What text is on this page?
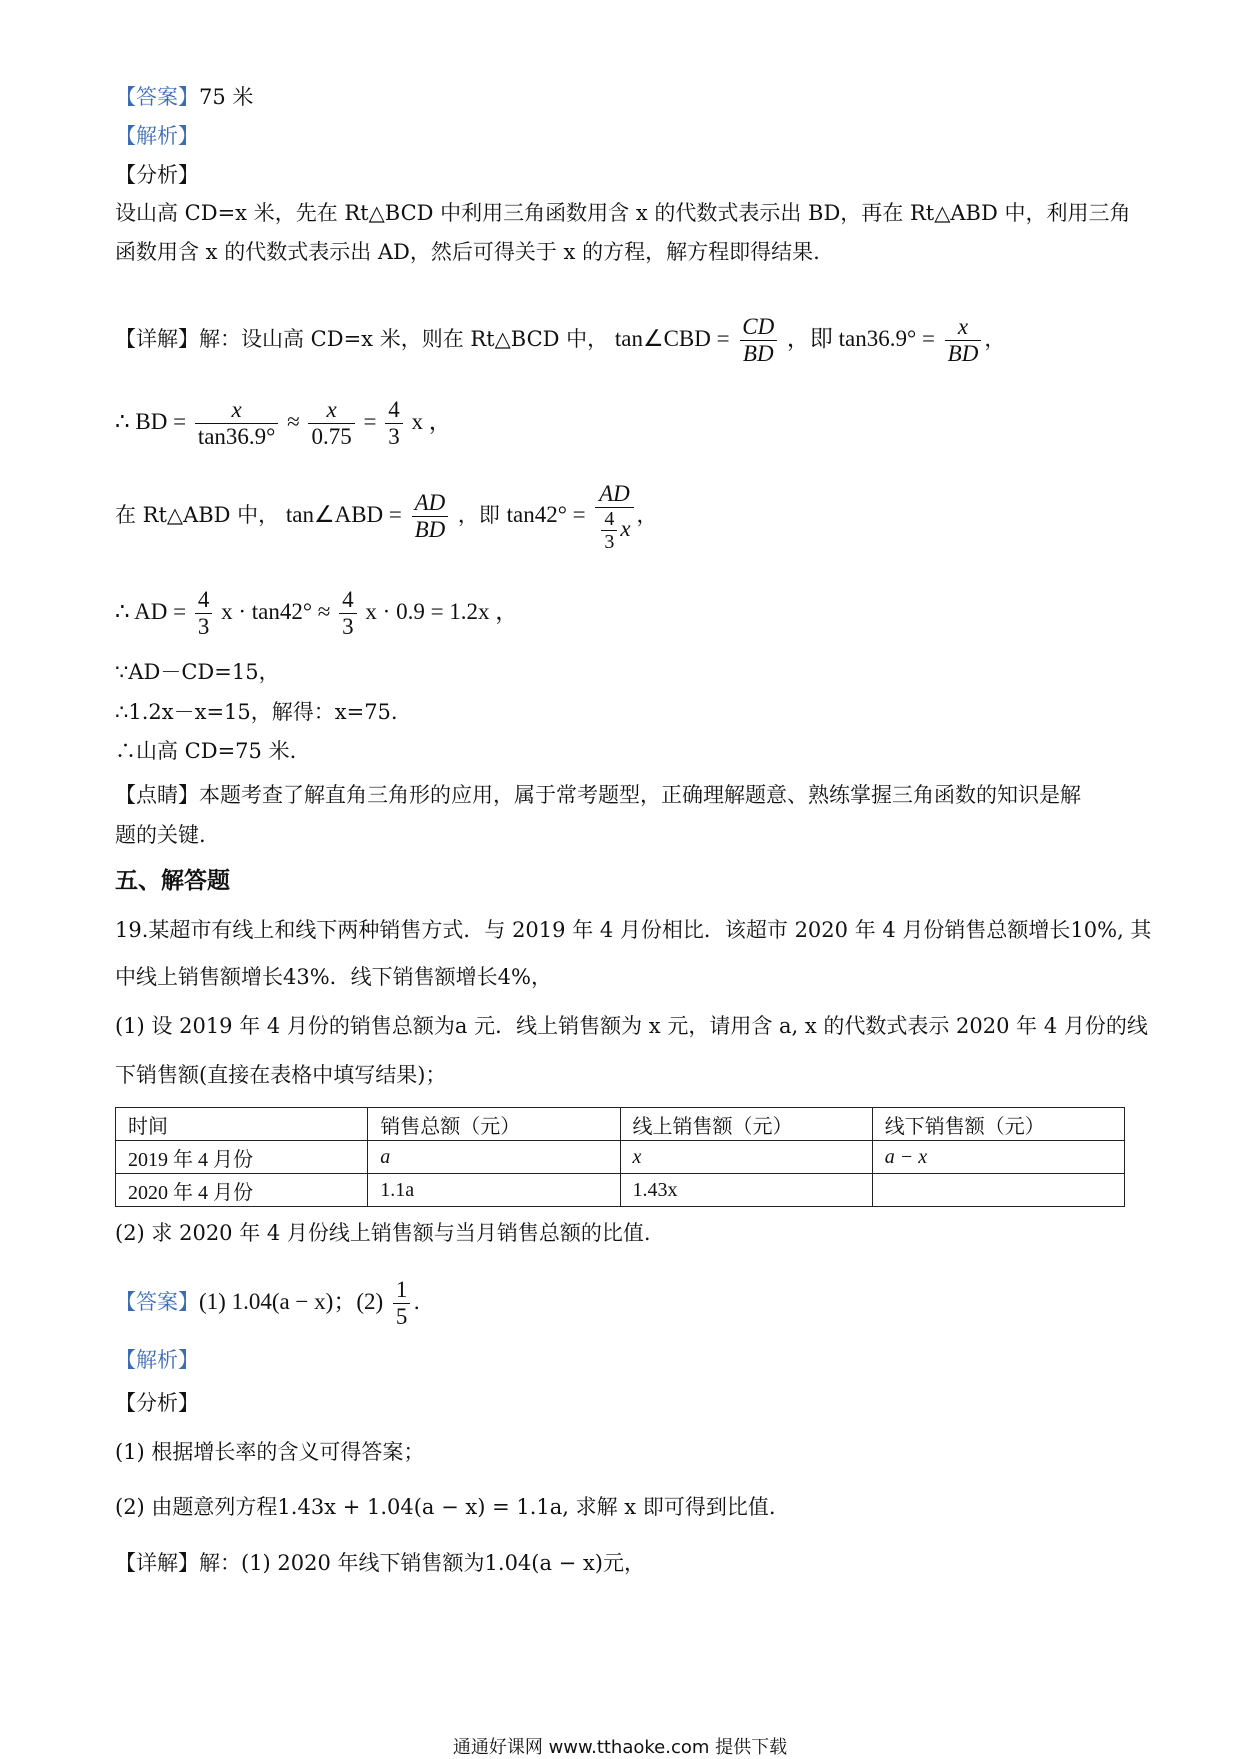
【答案】75 米
【解析】
【分析】
设山高 CD=x 米，先在 Rt△BCD 中利用三角函数用含 x 的代数式表示出 BD，再在 Rt△ABD 中，利用三角
函数用含 x 的代数式表示出 AD，然后可得关于 x 的方程，解方程即得结果.
【详解】解：设山高 CD=x 米，则在 Rt△BCD 中， tan∠CBD = $\frac{CD}{BD}$ ，即 $\tan 36.9^\circ = \frac{x}{BD}$ ，
∴ BD = $\frac{x}{\tan 36.9^\circ} \approx \frac{x}{0.75} = \frac{4}{3}$ x ，
在 Rt△ABD 中， tan∠ABD = $\frac{AD}{BD}$ ，即 $\tan 42^\circ = \frac{AD}{\frac{4}{3} x}$ ，
∴ AD = $\frac{4}{3}$ $x \cdot \tan 42^\circ \approx \frac{4}{3}$ x · 0.9 = 1.2x ，
∵AD－CD=15，
∴1.2x－x=15，解得：x=75.
∴山高 CD=75 米.
【点睛】本题考查了解直角三角形的应用，属于常考题型，正确理解题意、熟练掌握三角函数的知识是解
题的关键.
五、解答题
19.某超市有线上和线下两种销售方式．与 2019 年 4 月份相比．该超市 2020 年 4 月份销售总额增长10%, 其
中线上销售额增长43%．线下销售额增长4%，
(1) 设 2019 年 4 月份的销售总额为a 元．线上销售额为 x 元，请用含 a, x 的代数式表示 2020 年 4 月份的线
下销售额(直接在表格中填写结果)；
时间	销售总额（元）	线上销售额（元）	线下销售额（元）
2019 年 4 月份	a	x	a − x
2020 年 4 月份	1.1a	1.43x	
(2) 求 2020 年 4 月份线上销售额与当月销售总额的比值.
【答案】(1) 1.04(a − x)；$(2) \frac{1}{5}$ .
【解析】
【分析】
(1) 根据增长率的含义可得答案；
(2) 由题意列方程1.43x + 1.04(a − x) = 1.1a, 求解 x 即可得到比值.
【详解】解：(1) 2020 年线下销售额为1.04(a − x)元，
通通好课网 www.tthaoke.com 提供下载
